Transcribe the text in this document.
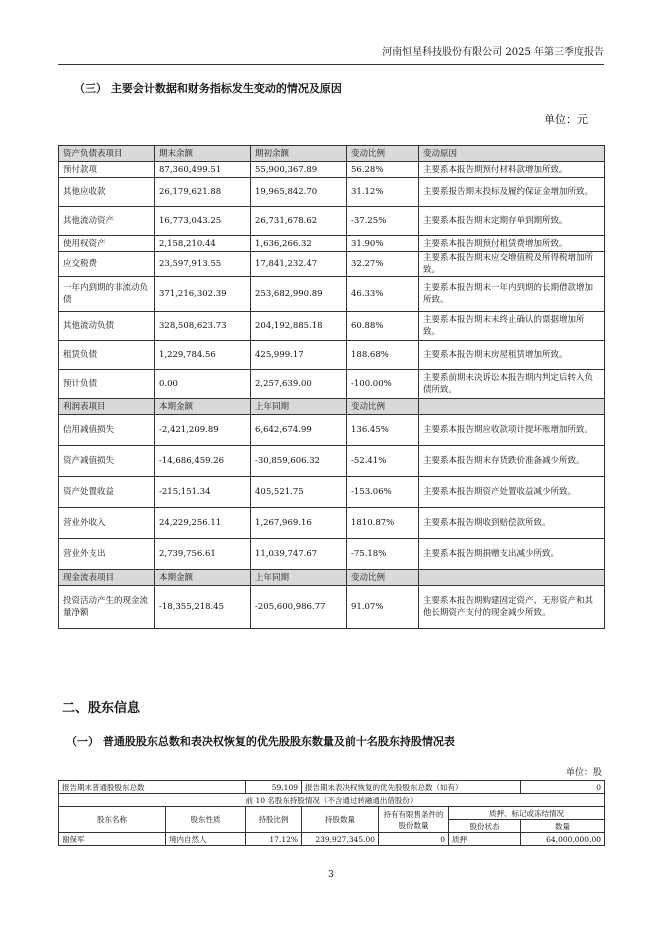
河南恒星科技股份有限公司 2025 年第三季度报告
（三） 主要会计数据和财务指标发生变动的情况及原因
单位：元
资产负债表项目	期末余额	期初余额	变动比例	变动原因
预付款项	87,360,499.51	55,900,367.89	56.28%	主要系本报告期预付材料款增加所致。
其他应收款	26,179,621.88	19,965,842.70	31.12%	主要系报告期末投标及履约保证金增加所致。
其他流动资产	16,773,043.25	26,731,678.62	-37.25%	主要系本报告期末定期存单到期所致。
使用权资产	2,158,210.44	1,636,266.32	31.90%	主要系本报告期预付租赁费增加所致。
应交税费	23,597,913.55	17,841,232.47	32.27%	主要系本报告期末应交增值税及所得税增加所致。
一年内到期的非流动负债	371,216,302.39	253,682,990.89	46.33%	主要系本报告期末一年内到期的长期借款增加所致。
其他流动负债	328,508,623.73	204,192,885.18	60.88%	主要系本报告期末未终止确认的票据增加所致。
租赁负债	1,229,784.56	425,999.17	188.68%	主要系本报告期末房屋租赁增加所致。
预计负债	0.00	2,257,639.00	-100.00%	主要系前期未决诉讼本报告期内判定后转入负债所致。
利润表项目	本期金额	上年同期	变动比例	
信用减值损失	-2,421,209.89	6,642,674.99	136.45%	主要系本报告期应收款项计提坏账增加所致。
资产减值损失	-14,686,459.26	-30,859,606.32	-52.41%	主要系本报告期末存货跌价准备减少所致。
资产处置收益	-215,151.34	405,521.75	-153.06%	主要系本报告期资产处置收益减少所致。
营业外收入	24,229,256.11	1,267,969.16	1810.87%	主要系本报告期收到赔偿款所致。
营业外支出	2,739,756.61	11,039,747.67	-75.18%	主要系本报告期捐赠支出减少所致。
现金流表项目	本期金额	上年同期	变动比例	
投资活动产生的现金流量净额	-18,355,218.45	-205,600,986.77	91.07%	主要系本报告期购建固定资产、无形资产和其他长期资产支付的现金减少所致。
二、股东信息
（一） 普通股股东总数和表决权恢复的优先股股东数量及前十名股东持股情况表
单位：股
报告期末普通股股东总数		59,109	报告期末表决权恢复的优先股股东总数（如有）			0
前 10 名股东持股情况（不含通过转融通出借股份）						
股东名称	股东性质	持股比例	持股数量	持有有限售条件的股份数量	质押、标记或冻结情况	
					股份状态	数量
谢保军	境内自然人	17.12%	239,927,345.00	0	质押	64,000,000.00
3
